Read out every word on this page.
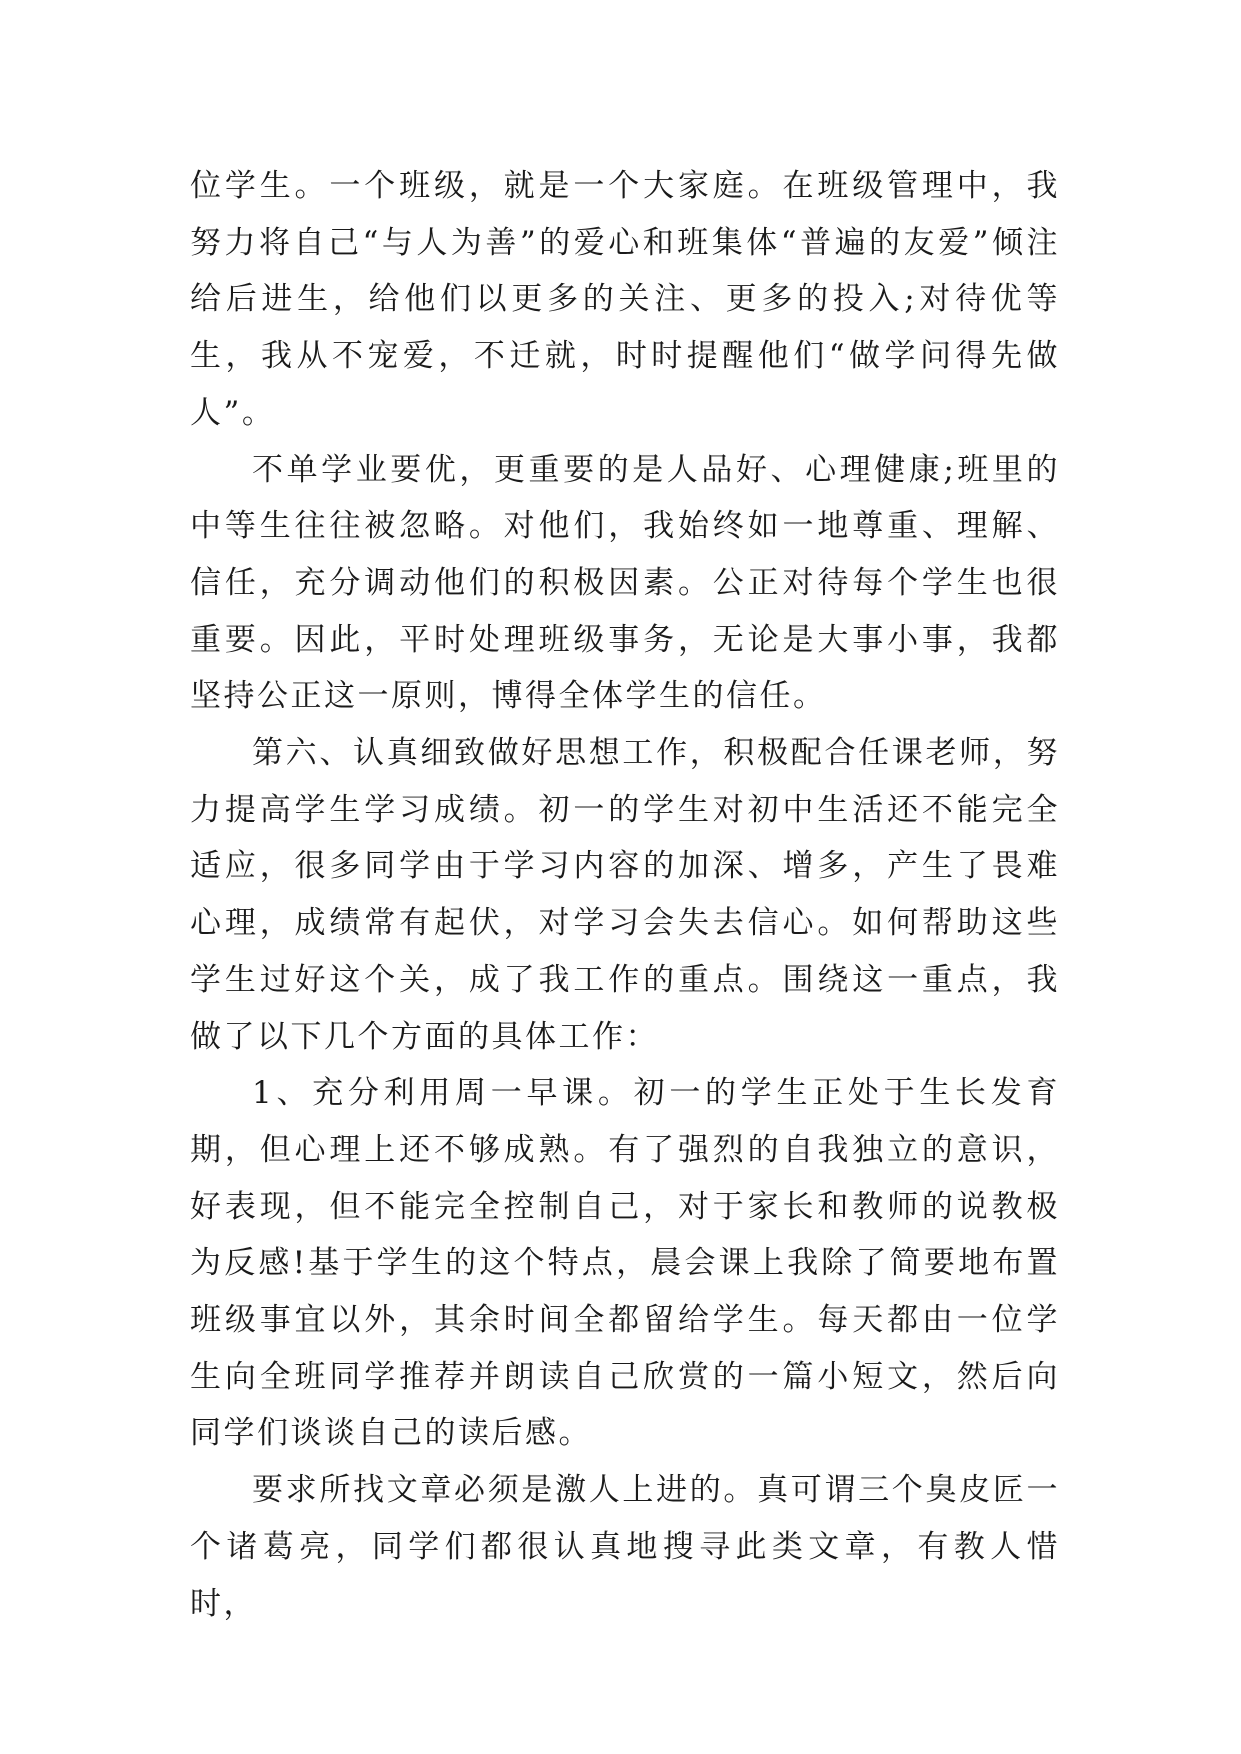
位学生。一个班级，就是一个大家庭。在班级管理中，我努力将自己“与人为善”的爱心和班集体“普遍的友爱”倾注给后进生，给他们以更多的关注、更多的投入;对待优等生，我从不宠爱，不迁就，时时提醒他们“做学问得先做人”。

不单学业要优，更重要的是人品好、心理健康;班里的中等生往往被忽略。对他们，我始终如一地尊重、理解、信任，充分调动他们的积极因素。公正对待每个学生也很重要。因此，平时处理班级事务，无论是大事小事，我都坚持公正这一原则，博得全体学生的信任。

第六、认真细致做好思想工作，积极配合任课老师，努力提高学生学习成绩。初一的学生对初中生活还不能完全适应，很多同学由于学习内容的加深、增多，产生了畏难心理，成绩常有起伏，对学习会失去信心。如何帮助这些学生过好这个关，成了我工作的重点。围绕这一重点，我做了以下几个方面的具体工作：

1、充分利用周一早课。初一的学生正处于生长发育期，但心理上还不够成熟。有了强烈的自我独立的意识，好表现，但不能完全控制自己，对于家长和教师的说教极为反感!基于学生的这个特点，晨会课上我除了简要地布置班级事宜以外，其余时间全都留给学生。每天都由一位学生向全班同学推荐并朗读自己欣赏的一篇小短文，然后向同学们谈谈自己的读后感。

要求所找文章必须是激人上进的。真可谓三个臭皮匠一个诸葛亮，同学们都很认真地搜寻此类文章，有教人惜时，
